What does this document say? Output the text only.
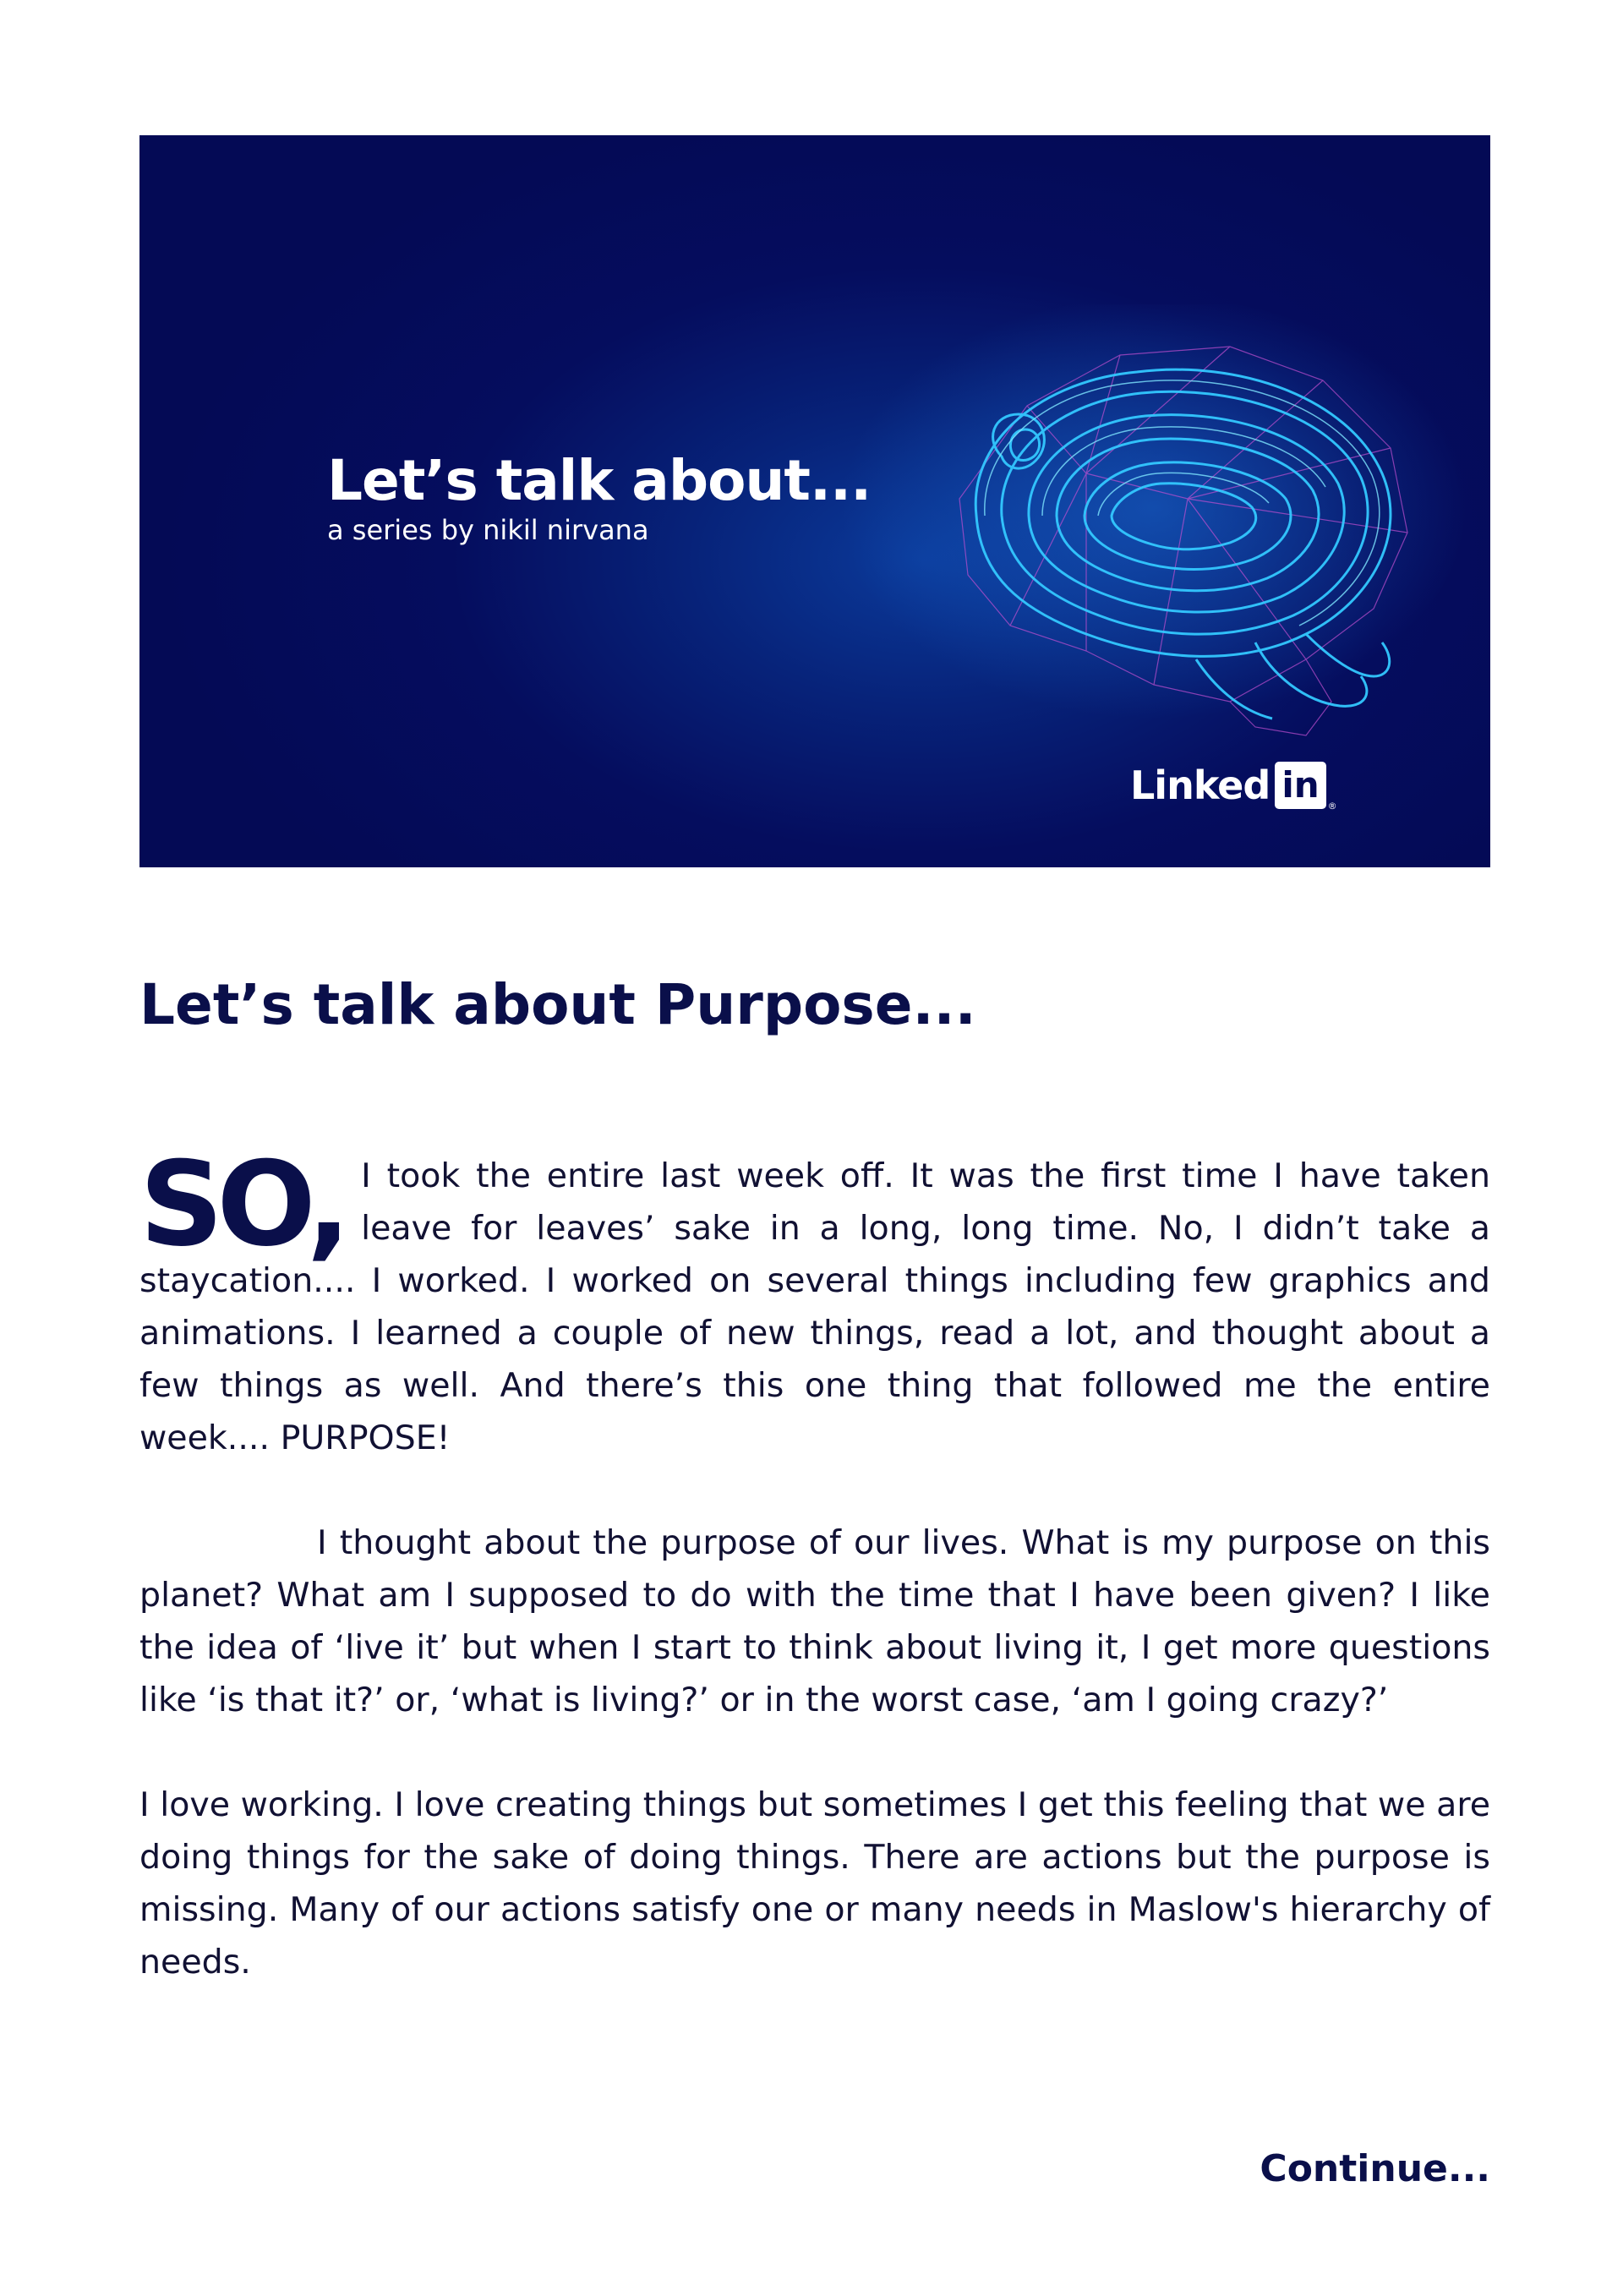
Let’s talk about...
a series by nikil nirvana
Linked in
®
Let’s talk about Purpose...

SO, I took the entire last week off. It was the first time I have taken leave for leaves’ sake in a long, long time. No, I didn’t take a staycation.... I worked. I worked on several things including few graphics and animations. I learned a couple of new things, read a lot, and thought about a few things as well. And there’s this one thing that followed me the entire week.... PURPOSE!

I thought about the purpose of our lives. What is my purpose on this planet? What am I supposed to do with the time that I have been given? I like the idea of ‘live it’ but when I start to think about living it, I get more questions like ‘is that it?’ or, ‘what is living?’ or in the worst case, ‘am I going crazy?’

I love working. I love creating things but sometimes I get this feeling that we are doing things for the sake of doing things. There are actions but the purpose is missing. Many of our actions satisfy one or many needs in Maslow's hierarchy of needs.

Continue...
